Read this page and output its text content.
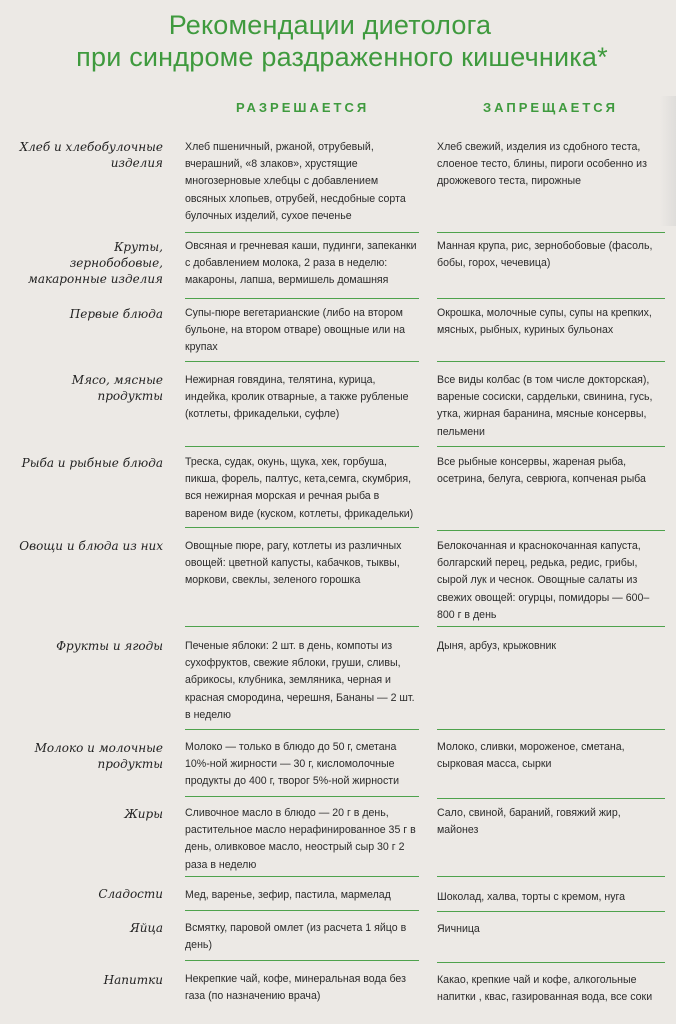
Рекомендации диетолога
при синдроме раздраженного кишечника*
РАЗРЕШАЕТСЯ	ЗАПРЕЩАЕТСЯ
Хлеб и хлебобулочные изделия
Хлеб пшеничный, ржаной, отрубевый, вчерашний, «8 злаков», хрустящие многозерновые хлебцы с добавлением овсяных хлопьев, отрубей, несдобные сорта булочных изделий, сухое печенье
Хлеб свежий, изделия из сдобного теста, слоеное тесто, блины, пироги особенно из дрожжевого теста, пирожные
Круты, зернобобовые, макаронные изделия
Овсяная и гречневая каши, пудинги, запеканки с добавлением молока, 2 раза в неделю: макароны, лапша, вермишель домашняя
Манная крупа, рис, зернобобовые (фасоль, бобы, горох, чечевица)
Первые блюда Супы-пюре вегетарианские (либо на втором бульоне, на втором отваре) овощные или на крупах
Окрошка, молочные супы, супы на крепких, мясных, рыбных, куриных бульонах
Мясо, мясные продукты
Нежирная говядина, телятина, курица, индейка, кролик отварные, а также рубленые (котлеты, фрикадельки, суфле)
Все виды колбас (в том числе докторская), вареные сосиски, сардельки, свинина, гусь, утка, жирная баранина, мясные консервы, пельмени
Рыба и рыбные блюда Треска, судак, окунь, щука, хек, горбуша, пикша, форель, палтус, кета,семга, скумбрия, вся нежирная морская и речная рыба в вареном виде (куском, котлеты, фрикадельки)
Все рыбные консервы, жареная рыба, осетрина, белуга, севрюга, копченая рыба
Овощи и блюда из них Овощные пюре, рагу, котлеты из различных овощей: цветной капусты, кабачков, тыквы, моркови, свеклы, зеленого горошка
Белокочанная и краснокочанная капуста, болгарский перец, редька, редис, грибы, сырой лук и чеснок. Овощные салаты из свежих овощей: огурцы, помидоры — 600–800 г в день
Фрукты и ягоды Печеные яблоки: 2 шт. в день, компоты из сухофруктов, свежие яблоки, груши, сливы, абрикосы, клубника, земляника, черная и красная смородина, черешня, Бананы — 2 шт. в неделю
Дыня, арбуз, крыжовник
Молоко и молочные продукты
Молоко — только в блюдо до 50 г, сметана 10%-ной жирности — 30 г, кисломолочные продукты до 400 г, творог 5%-ной жирности
Молоко, сливки, мороженое, сметана, сырковая масса, сырки
Жиры Сливочное масло в блюдо — 20 г в день, растительное масло нерафинированное 35 г в день, оливковое масло, неострый сыр 30 г 2 раза в неделю
Сало, свиной, бараний, говяжий жир, майонез
Сладости Мед, варенье, зефир, пастила, мармелад	Шоколад, халва, торты с кремом, нуга
Яйца Всмятку, паровой омлет (из расчета 1 яйцо в день)
Яичница
Напитки Некрепкие чай, кофе, минеральная вода без газа (по назначению врача)
Какао, крепкие чай и кофе, алкогольные напитки , квас, газированная вода, все соки
